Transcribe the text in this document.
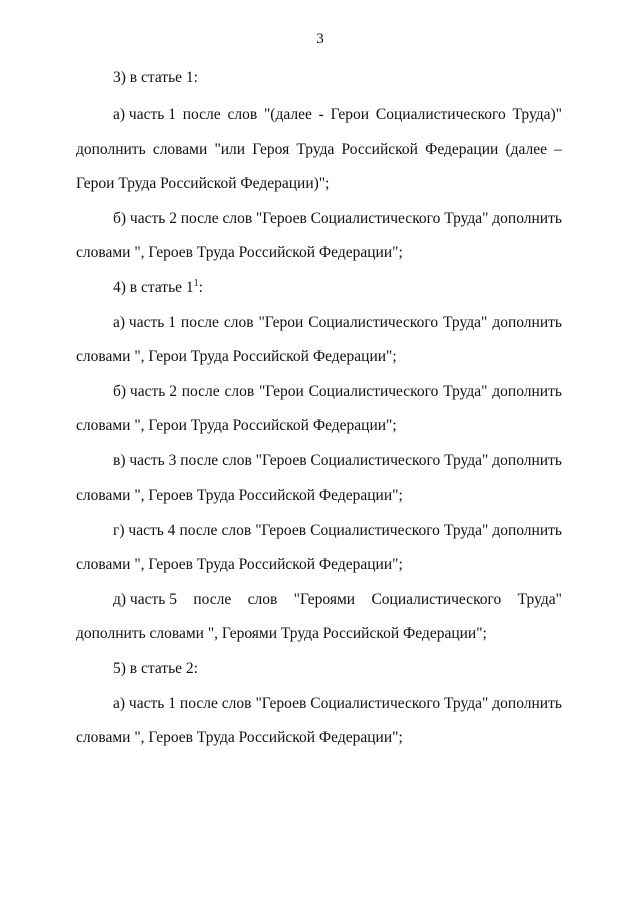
3
3) в статье 1:
а) часть 1 после слов "(далее - Герои Социалистического Труда)"
дополнить словами "или Героя Труда Российской Федерации (далее –
Герои Труда Российской Федерации)";
б) часть 2 после слов "Героев Социалистического Труда" дополнить
словами ", Героев Труда Российской Федерации";
4) в статье $1^1$:
а) часть 1 после слов "Герои Социалистического Труда" дополнить
словами ", Герои Труда Российской Федерации";
б) часть 2 после слов "Герои Социалистического Труда" дополнить
словами ", Герои Труда Российской Федерации";
в) часть 3 после слов "Героев Социалистического Труда" дополнить
словами ", Героев Труда Российской Федерации";
г) часть 4 после слов "Героев Социалистического Труда" дополнить
словами ", Героев Труда Российской Федерации";
д) часть 5 после слов "Героями Социалистического Труда"
дополнить словами ", Героями Труда Российской Федерации";
5) в статье 2:
а) часть 1 после слов "Героев Социалистического Труда" дополнить
словами ", Героев Труда Российской Федерации";
